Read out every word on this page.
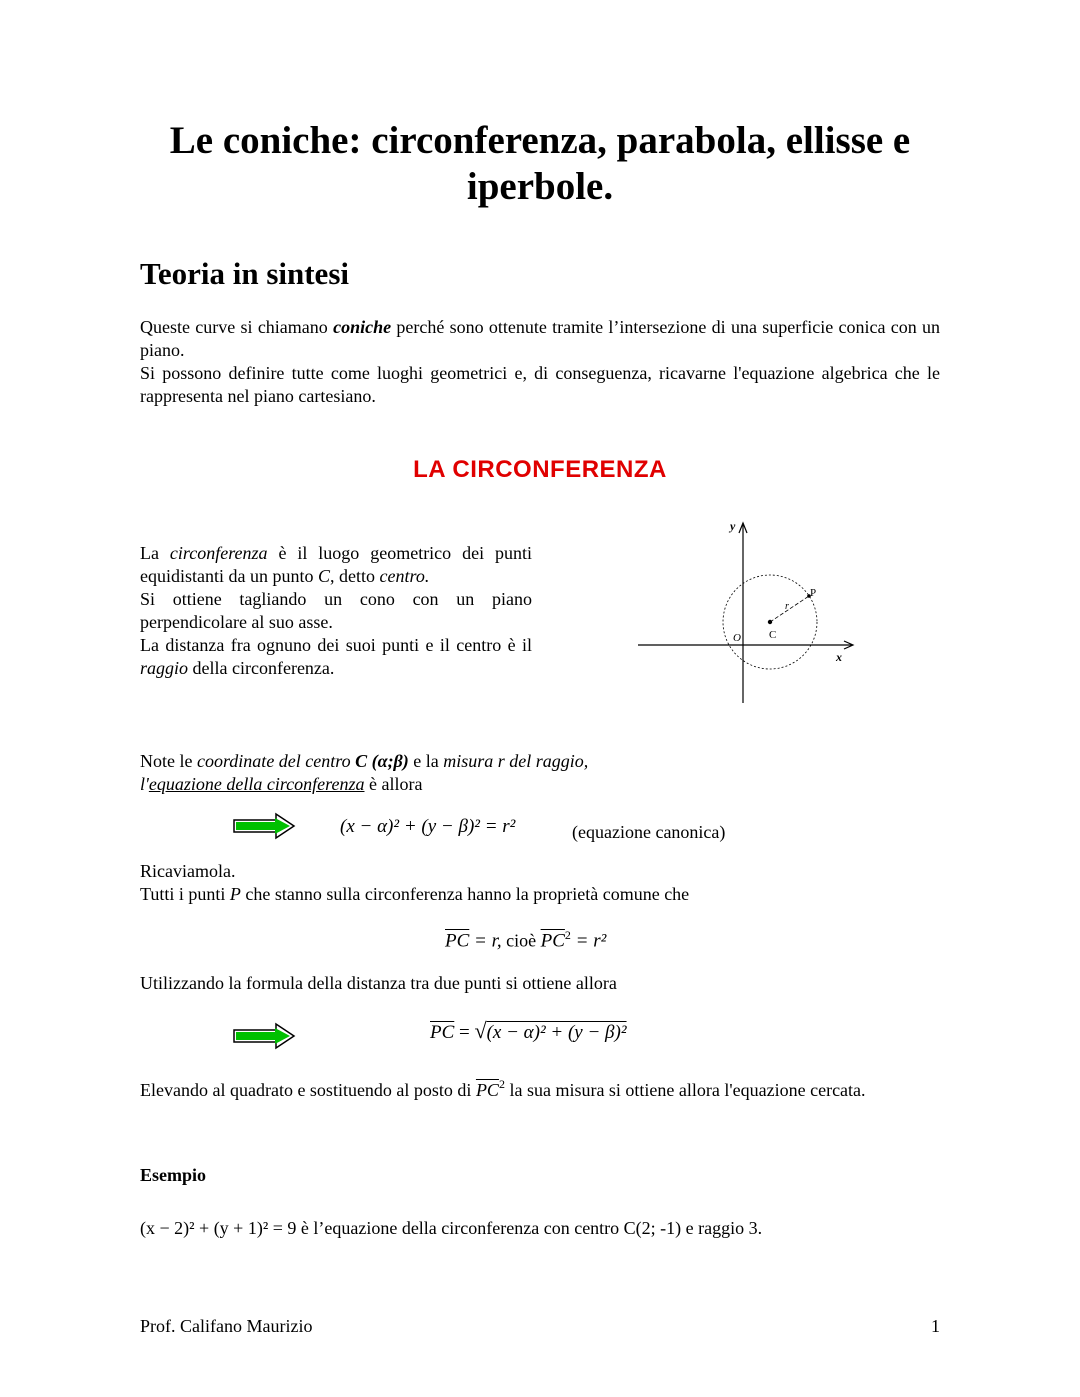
Le coniche: circonferenza, parabola, ellisse e iperbole.
Teoria in sintesi
Queste curve si chiamano coniche perché sono ottenute tramite l’intersezione di una superficie conica con un piano.
Si possono definire tutte come luoghi geometrici e, di conseguenza, ricavarne l'equazione algebrica che le rappresenta nel piano cartesiano.
LA CIRCONFERENZA
La circonferenza è il luogo geometrico dei punti equidistanti da un punto C, detto centro.
Si ottiene tagliando un cono con un piano perpendicolare al suo asse.
La distanza fra ognuno dei suoi punti e il centro è il raggio della circonferenza.
y
x
O	C
P
r
Note le coordinate del centro C (α;β) e la misura r del raggio,
l'equazione della circonferenza è allora
(x − α)² + (y − β)² = r²	(equazione canonica)
Ricaviamola.
Tutti i punti P che stanno sulla circonferenza hanno la proprietà comune che
$\overline{PC} = r$, cioè $\overline{PC}^2 = r^2$
Utilizzando la formula della distanza tra due punti si ottiene allora
$\overline{PC} = √(x - \alpha)^2 + (y - \beta)^2$
Elevando al quadrato e sostituendo al posto di $\overline{PC}^2$ la sua misura si ottiene allora l'equazione cercata.
Esempio
(x − 2)² + (y + 1)² = 9 è l’equazione della circonferenza con centro C(2; -1) e raggio 3.
Prof. Califano Maurizio	1
